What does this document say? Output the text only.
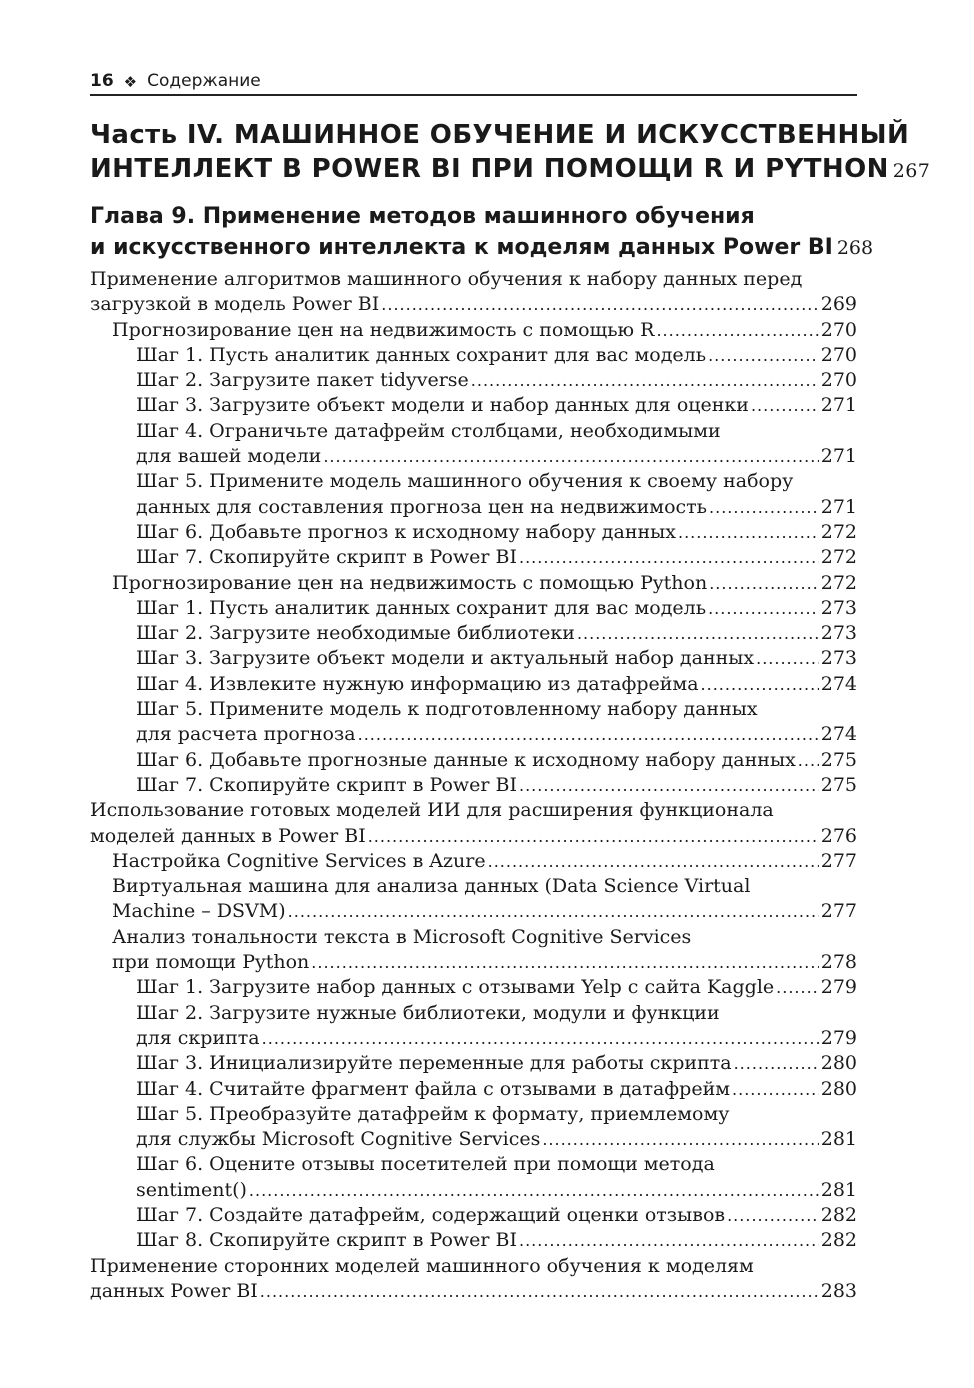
16 ❖ Содержание
Часть IV. МАШИННОЕ ОБУЧЕНИЕ И ИСКУССТВЕННЫЙ
ИНТЕЛЛЕКТ В POWER BI ПРИ ПОМОЩИ R И PYTHON 267
Глава 9. Применение методов машинного обучения
и искусственного интеллекта к моделям данных Power BI 268
Применение алгоритмов машинного обучения к набору данных перед
загрузкой в модель Power BI .....	269
Прогнозирование цен на недвижимость с помощью R .....	270
Шаг 1. Пусть аналитик данных сохранит для вас модель .....	270
Шаг 2. Загрузите пакет tidyverse .....	270
Шаг 3. Загрузите объект модели и набор данных для оценки .....	271
Шаг 4. Ограничьте датафрейм столбцами, необходимыми
для вашей модели .....	271
Шаг 5. Примените модель машинного обучения к своему набору
данных для составления прогноза цен на недвижимость .....	271
Шаг 6. Добавьте прогноз к исходному набору данных .....	272
Шаг 7. Скопируйте скрипт в Power BI .....	272
Прогнозирование цен на недвижимость с помощью Python .....	272
Шаг 1. Пусть аналитик данных сохранит для вас модель .....	273
Шаг 2. Загрузите необходимые библиотеки .....	273
Шаг 3. Загрузите объект модели и актуальный набор данных .....	273
Шаг 4. Извлеките нужную информацию из датафрейма .....	274
Шаг 5. Примените модель к подготовленному набору данных
для расчета прогноза .....	274
Шаг 6. Добавьте прогнозные данные к исходному набору данных ..... 275
Шаг 7. Скопируйте скрипт в Power BI .....	275
Использование готовых моделей ИИ для расширения функционала
моделей данных в Power BI .....	276
Настройка Cognitive Services в Azure .....	277
Виртуальная машина для анализа данных (Data Science Virtual
Machine – DSVM) .....	277
Анализ тональности текста в Microsoft Cognitive Services
при помощи Python .....	278
Шаг 1. Загрузите набор данных с отзывами Yelp с сайта Kaggle ..... 279
Шаг 2. Загрузите нужные библиотеки, модули и функции
для скрипта .....	279
Шаг 3. Инициализируйте переменные для работы скрипта .....	280
Шаг 4. Считайте фрагмент файла с отзывами в датафрейм .....	280
Шаг 5. Преобразуйте датафрейм к формату, приемлемому
для службы Microsoft Cognitive Services .....	281
Шаг 6. Оцените отзывы посетителей при помощи метода
sentiment() .....	281
Шаг 7. Создайте датафрейм, содержащий оценки отзывов .....	282
Шаг 8. Скопируйте скрипт в Power BI .....	282
Применение сторонних моделей машинного обучения к моделям
данных Power BI .....	283
